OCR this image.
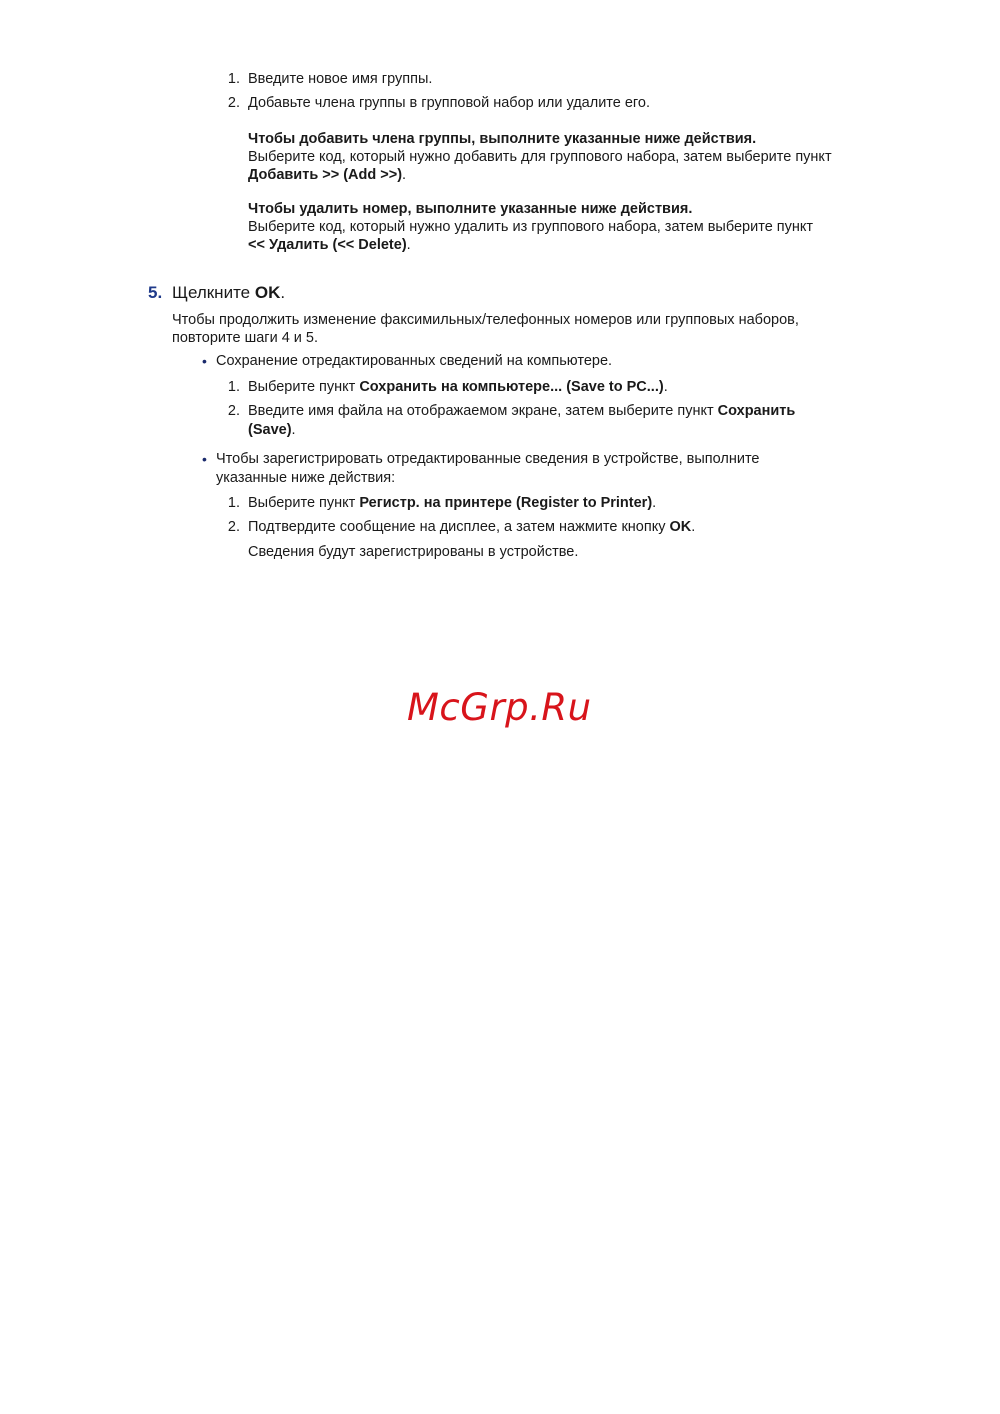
1. Введите новое имя группы.
2. Добавьте члена группы в групповой набор или удалите его.
Чтобы добавить члена группы, выполните указанные ниже действия.
Выберите код, который нужно добавить для группового набора, затем выберите пункт
Добавить >> (Add >>).
Чтобы удалить номер, выполните указанные ниже действия.
Выберите код, который нужно удалить из группового набора, затем выберите пункт
<< Удалить (<< Delete).
5. Щелкните OK.
Чтобы продолжить изменение факсимильных/телефонных номеров или групповых наборов,
повторите шаги 4 и 5.
• Сохранение отредактированных сведений на компьютере.
1. Выберите пункт Сохранить на компьютере... (Save to PC...).
2. Введите имя файла на отображаемом экране, затем выберите пункт Сохранить
(Save).
• Чтобы зарегистрировать отредактированные сведения в устройстве, выполните
указанные ниже действия:
1. Выберите пункт Регистр. на принтере (Register to Printer).
2. Подтвердите сообщение на дисплее, а затем нажмите кнопку OK.
Сведения будут зарегистрированы в устройстве.
McGrp.Ru
